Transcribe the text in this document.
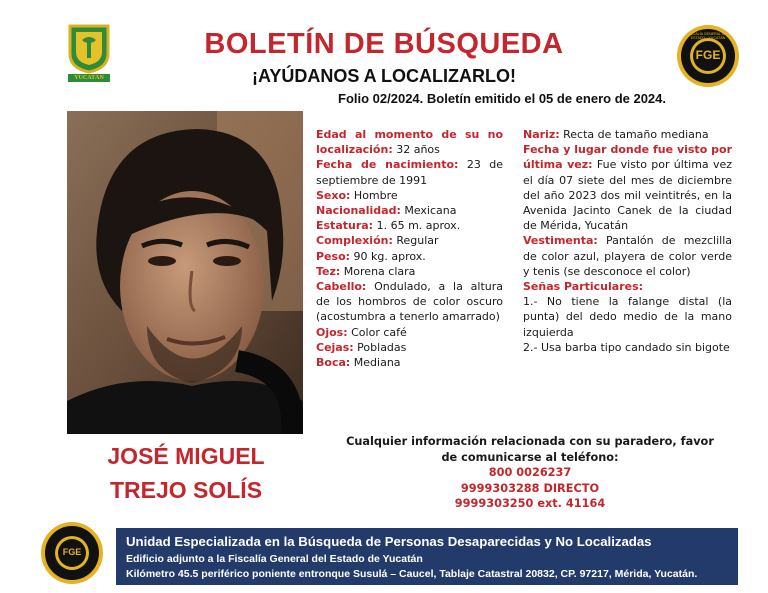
YUCATÁN
FGE
FISCALÍA GENERAL DEL ESTADO · YUCATÁN
BOLETÍN DE BÚSQUEDA
¡AYÚDANOS A LOCALIZARLO!
Folio 02/2024. Boletín emitido el 05 de enero de 2024.
JOSÉ MIGUEL
TREJO SOLÍS

Edad al momento de su no localización: 32 años

Fecha de nacimiento: 23 de septiembre de 1991

Sexo: Hombre

Nacionalidad: Mexicana

Estatura: 1. 65 m. aprox.

Complexión: Regular

Peso: 90 kg. aprox.

Tez: Morena clara

Cabello: Ondulado, a la altura de los hombros de color oscuro (acostumbra a tenerlo amarrado)

Ojos: Color café

Cejas: Pobladas

Boca: Mediana

Nariz: Recta de tamaño mediana

Fecha y lugar donde fue visto por última vez: Fue visto por última vez el día 07 siete del mes de diciembre del año 2023 dos mil veintitrés, en la Avenida Jacinto Canek de la ciudad de Mérida, Yucatán

Vestimenta: Pantalón de mezclilla de color azul, playera de color verde y tenis (se desconoce el color)

Señas Particulares:

1.- No tiene la falange distal (la punta) del dedo medio de la mano izquierda

2.- Usa barba tipo candado sin bigote

Cualquier información relacionada con su paradero, favor
de comunicarse al teléfono:
800 0026237
9999303288 DIRECTO
9999303250 ext. 41164
FGE
Unidad Especializada en la Búsqueda de Personas Desaparecidas y No Localizadas
Edificio adjunto a la Fiscalía General del Estado de Yucatán
Kilómetro 45.5 periférico poniente entronque Susulá – Caucel, Tablaje Catastral 20832, CP. 97217, Mérida, Yucatán.
